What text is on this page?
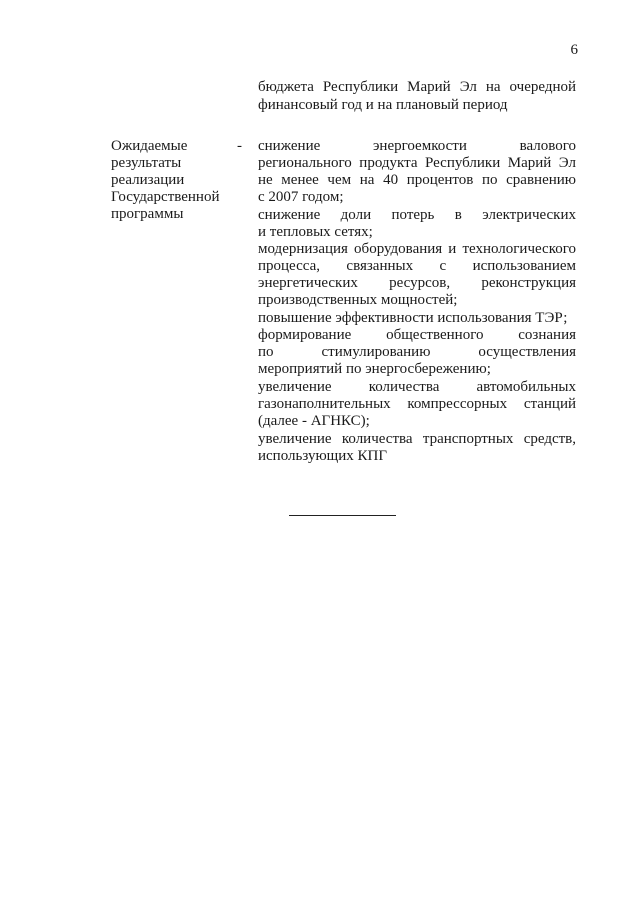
6
бюджета Республики Марий Эл на очередной
финансовый год и на плановый период
Ожидаемые
результаты
реализации
Государственной
программы
- снижение энергоемкости валового
регионального продукта Республики Марий Эл
не менее чем на 40 процентов по сравнению
с 2007 годом;
снижение доли потерь в электрических
и тепловых сетях;
модернизация оборудования и технологического
процесса, связанных с использованием
энергетических ресурсов, реконструкция
производственных мощностей;
повышение эффективности использования ТЭР;
формирование общественного сознания
по стимулированию осуществления
мероприятий по энергосбережению;
увеличение количества автомобильных
газонаполнительных компрессорных станций
(далее - АГНКС);
увеличение количества транспортных средств,
использующих КПГ
